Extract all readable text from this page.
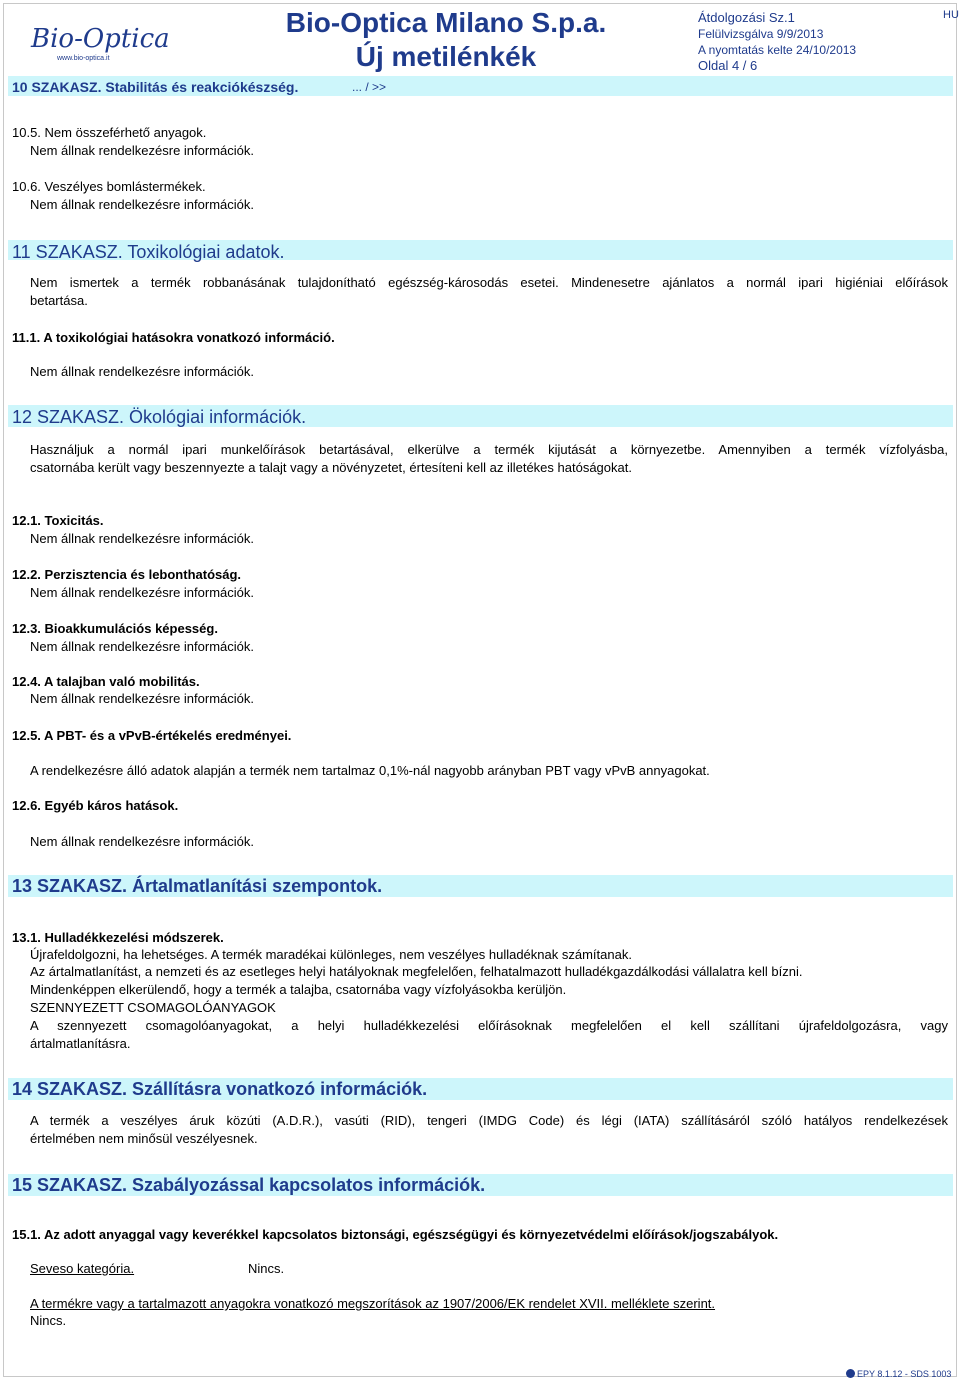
Bio-Optica
www.bio-optica.it
Bio-Optica Milano S.p.a.
Új metilénkék
Átdolgozási Sz.1
Felülvizsgálva 9/9/2013
A nyomtatás kelte 24/10/2013
Oldal 4 / 6
HU
10 SZAKASZ. Stabilitás és reakciókészség.	... / >>
10.5. Nem összeférhető anyagok.
Nem állnak rendelkezésre információk.
10.6. Veszélyes bomlástermékek.
Nem állnak rendelkezésre információk.
11 SZAKASZ. Toxikológiai adatok.
Nem ismertek a termék robbanásának tulajdonítható egészség-károsodás esetei. Mindenesetre ajánlatos a normál ipari higiéniai előírások
betartása.
11.1. A toxikológiai hatásokra vonatkozó információ.
Nem állnak rendelkezésre információk.
12 SZAKASZ. Ökológiai információk.
Használjuk a normál ipari munkelőírások betartásával, elkerülve a termék kijutását a környezetbe. Amennyiben a termék vízfolyásba,
csatornába került vagy beszennyezte a talajt vagy a növényzetet, értesíteni kell az illetékes hatóságokat.
12.1. Toxicitás.
Nem állnak rendelkezésre információk.
12.2. Perzisztencia és lebonthatóság.
Nem állnak rendelkezésre információk.
12.3. Bioakkumulációs képesség.
Nem állnak rendelkezésre információk.
12.4. A talajban való mobilitás.
Nem állnak rendelkezésre információk.
12.5. A PBT- és a vPvB-értékelés eredményei.
A rendelkezésre álló adatok alapján a termék nem tartalmaz 0,1%-nál nagyobb arányban PBT vagy vPvB annyagokat.
12.6. Egyéb káros hatások.
Nem állnak rendelkezésre információk.
13 SZAKASZ. Ártalmatlanítási szempontok.
13.1. Hulladékkezelési módszerek.
Újrafeldolgozni, ha lehetséges. A termék maradékai különleges, nem veszélyes hulladéknak számítanak.
Az ártalmatlanítást, a nemzeti és az esetleges helyi hatályoknak megfelelően, felhatalmazott hulladékgazdálkodási vállalatra kell bízni.
Mindenképpen elkerülendő, hogy a termék a talajba, csatornába vagy vízfolyásokba kerüljön.
SZENNYEZETT CSOMAGOLÓANYAGOK
A szennyezett csomagolóanyagokat, a helyi hulladékkezelési előírásoknak megfelelően el kell szállítani újrafeldolgozásra, vagy
ártalmatlanításra.
14 SZAKASZ. Szállításra vonatkozó információk.
A termék a veszélyes áruk közúti (A.D.R.), vasúti (RID), tengeri (IMDG Code) és légi (IATA) szállításáról szóló hatályos rendelkezések
értelmében nem minősül veszélyesnek.
15 SZAKASZ. Szabályozással kapcsolatos információk.
15.1. Az adott anyaggal vagy keverékkel kapcsolatos biztonsági, egészségügyi és környezetvédelmi előírások/jogszabályok.
Seveso kategória.	Nincs.
A termékre vagy a tartalmazott anyagokra vonatkozó megszorítások az 1907/2006/EK rendelet XVII. melléklete szerint.
Nincs.
EPY 8.1.12 - SDS 1003
